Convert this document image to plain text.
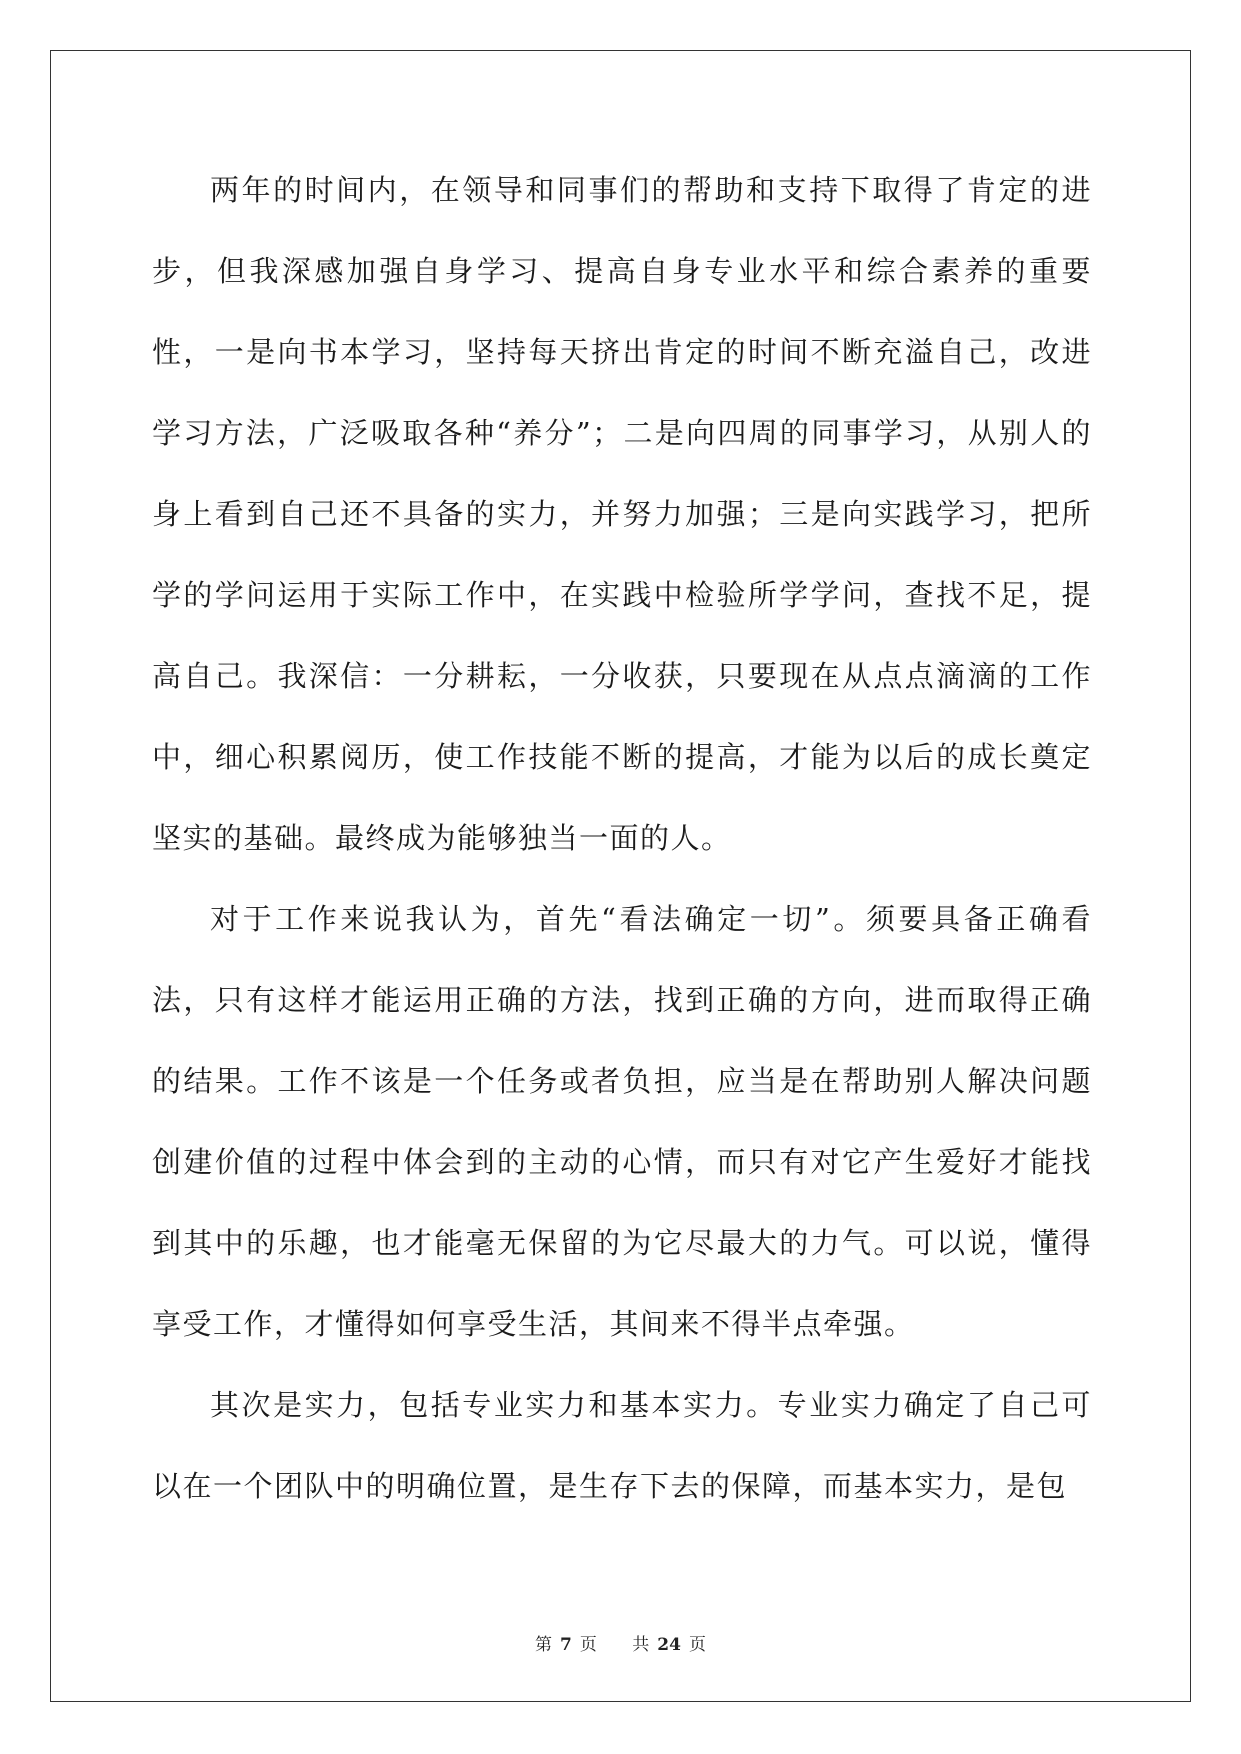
两年的时间内，在领导和同事们的帮助和支持下取得了肯定的进步，但我深感加强自身学习、提高自身专业水平和综合素养的重要性，一是向书本学习，坚持每天挤出肯定的时间不断充溢自己，改进学习方法，广泛吸取各种“养分”；二是向四周的同事学习，从别人的身上看到自己还不具备的实力，并努力加强；三是向实践学习，把所学的学问运用于实际工作中，在实践中检验所学学问，查找不足，提高自己。我深信：一分耕耘，一分收获，只要现在从点点滴滴的工作中，细心积累阅历，使工作技能不断的提高，才能为以后的成长奠定坚实的基础。最终成为能够独当一面的人。

对于工作来说我认为，首先“看法确定一切”。须要具备正确看法，只有这样才能运用正确的方法，找到正确的方向，进而取得正确的结果。工作不该是一个任务或者负担，应当是在帮助别人解决问题创建价值的过程中体会到的主动的心情，而只有对它产生爱好才能找到其中的乐趣，也才能毫无保留的为它尽最大的力气。可以说，懂得享受工作，才懂得如何享受生活，其间来不得半点牵强。

其次是实力，包括专业实力和基本实力。专业实力确定了自己可以在一个团队中的明确位置，是生存下去的保障，而基本实力，是包

第 7 页 共 24 页
